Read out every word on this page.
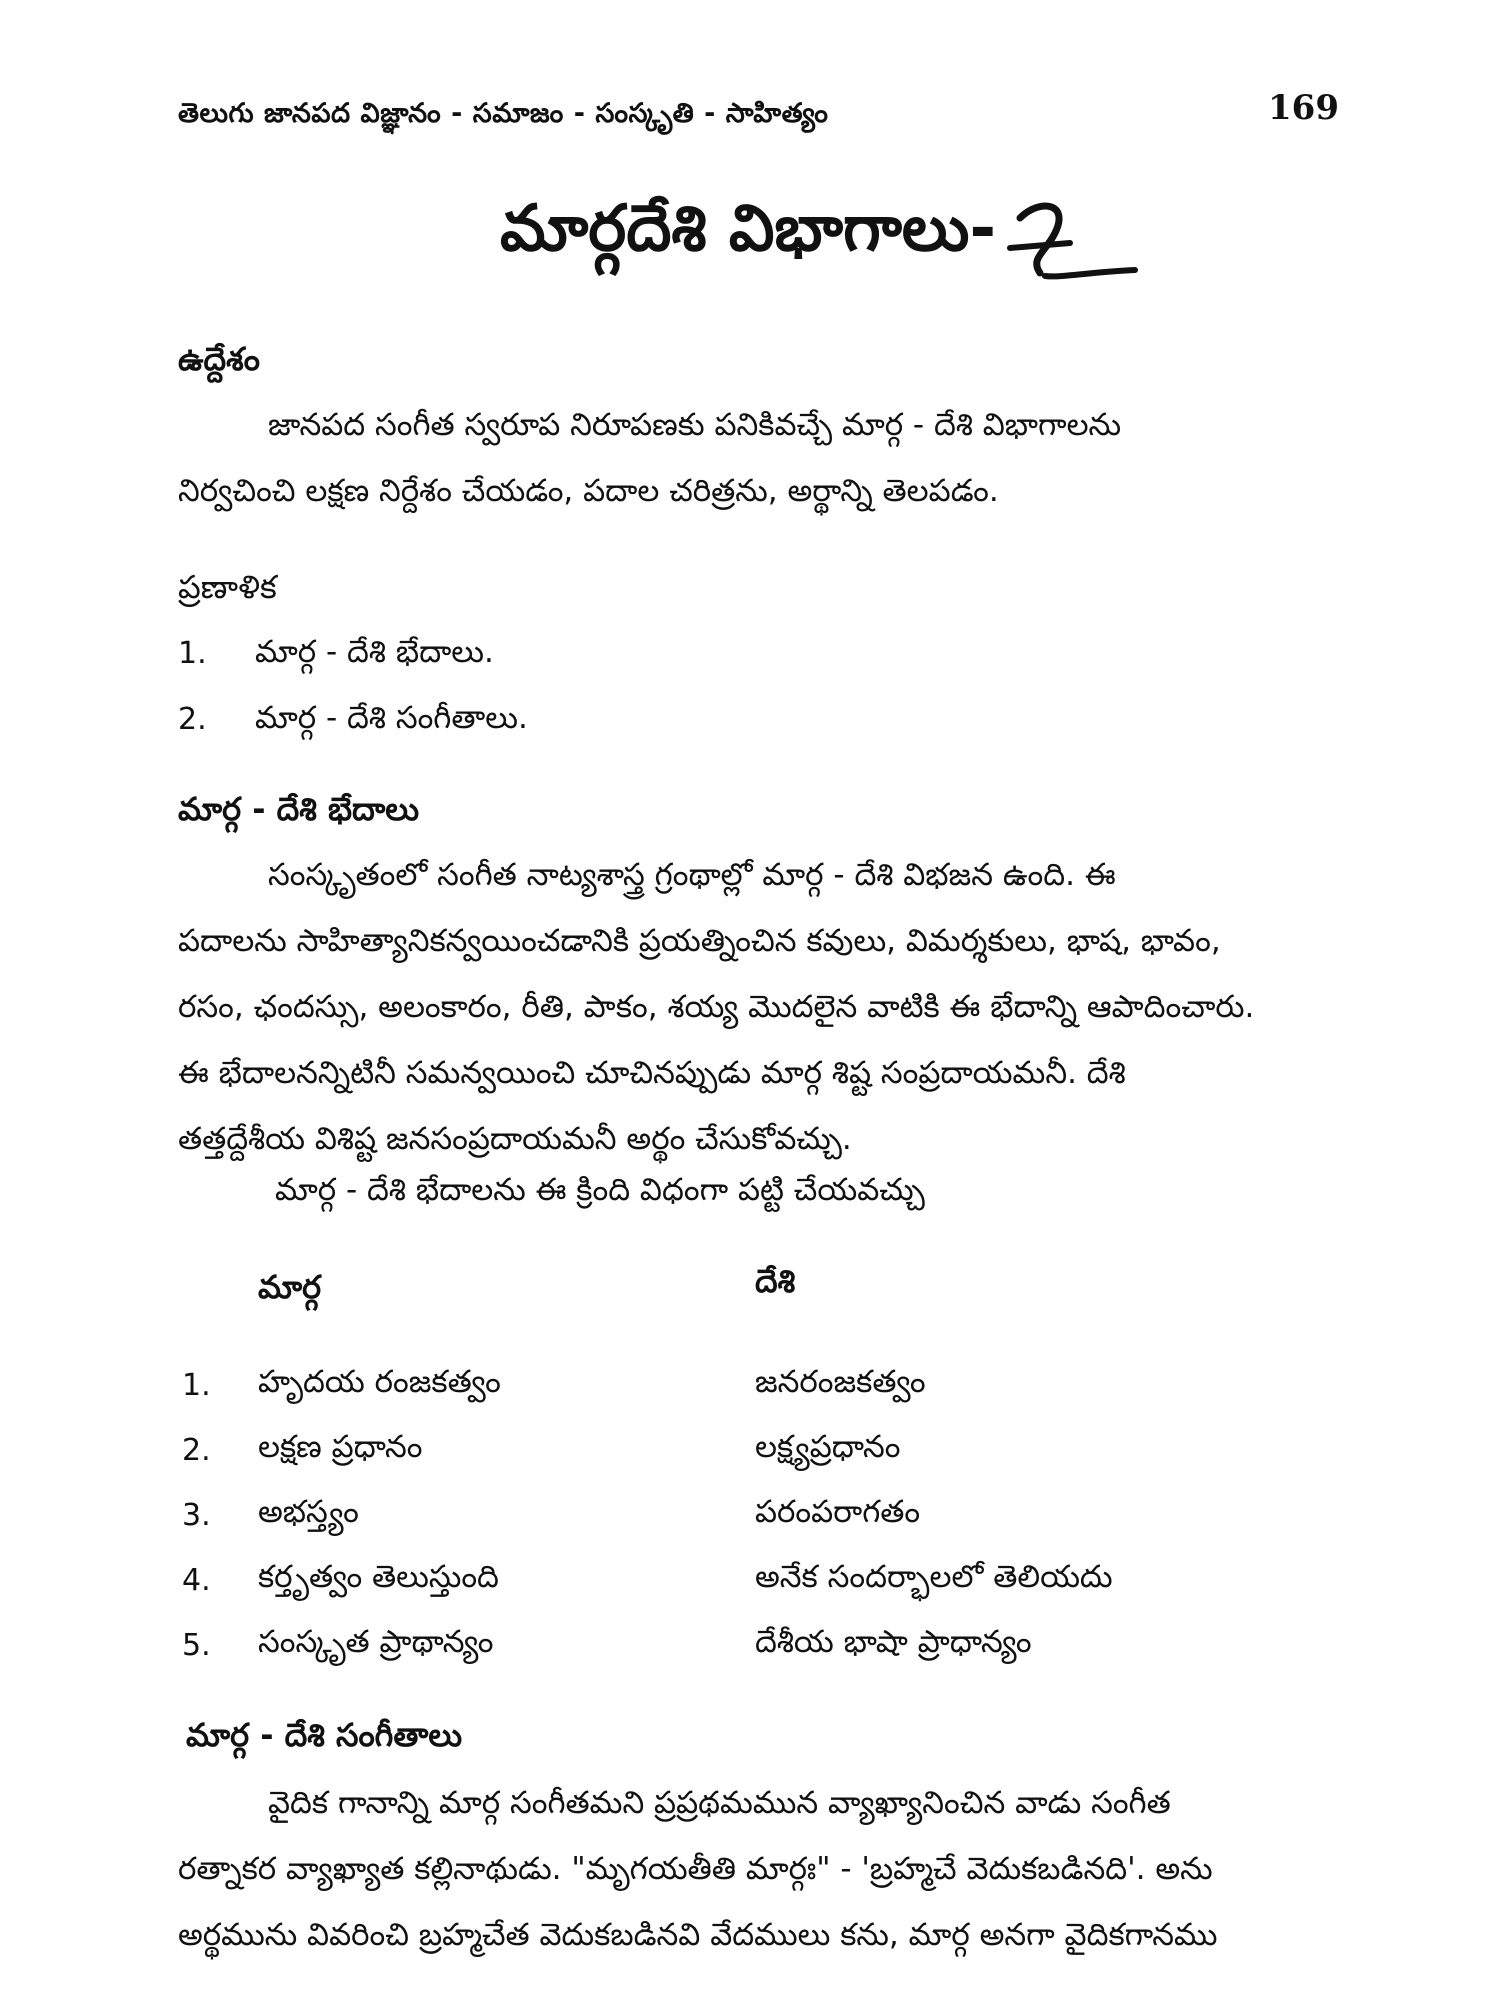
తెలుగు జానపద విజ్ఞానం - సమాజం - సంస్కృతి - సాహిత్యం	169
మార్గదేశి విభాగాలు-
ఉద్దేశం
జానపద సంగీత స్వరూప నిరూపణకు పనికివచ్చే మార్గ - దేశి విభాగాలను
నిర్వచించి లక్షణ నిర్దేశం చేయడం, పదాల చరిత్రను, అర్థాన్ని తెలపడం.
ప్రణాళిక
1. మార్గ - దేశి భేదాలు.
2. మార్గ - దేశి సంగీతాలు.
మార్గ - దేశి భేదాలు
సంస్కృతంలో సంగీత నాట్యశాస్త్ర గ్రంథాల్లో మార్గ - దేశి విభజన ఉంది. ఈ
పదాలను సాహిత్యానికన్వయించడానికి ప్రయత్నించిన కవులు, విమర్శకులు, భాష, భావం,
రసం, ఛందస్సు, అలంకారం, రీతి, పాకం, శయ్య మొదలైన వాటికి ఈ భేదాన్ని ఆపాదించారు.
ఈ భేదాలనన్నిటినీ సమన్వయించి చూచినప్పుడు మార్గ శిష్ట సంప్రదాయమనీ. దేశి
తత్తద్దేశీయ విశిష్ట జనసంప్రదాయమనీ అర్థం చేసుకోవచ్చు.
మార్గ - దేశి భేదాలను ఈ క్రింది విధంగా పట్టి చేయవచ్చు
మార్గ	దేశి
1. హృదయ రంజకత్వం	జనరంజకత్వం
2. లక్షణ ప్రధానం	లక్ష్యప్రధానం
3. అభస్త్యం	పరంపరాగతం
4. కర్తృత్వం తెలుస్తుంది	అనేక సందర్భాలలో తెలియదు
5. సంస్కృత ప్రాథాన్యం	దేశీయ భాషా ప్రాధాన్యం
మార్గ - దేశి సంగీతాలు
వైదిక గానాన్ని మార్గ సంగీతమని ప్రప్రథమమున వ్యాఖ్యానించిన వాడు సంగీత
రత్నాకర వ్యాఖ్యాత కల్లినాథుడు. "మృగయతీతి మార్గః" - 'బ్రహ్మచే వెదుకబడినది'. అను
అర్థమును వివరించి బ్రహ్మచేత వెదుకబడినవి వేదములు కను, మార్గ అనగా వైదికగానము
